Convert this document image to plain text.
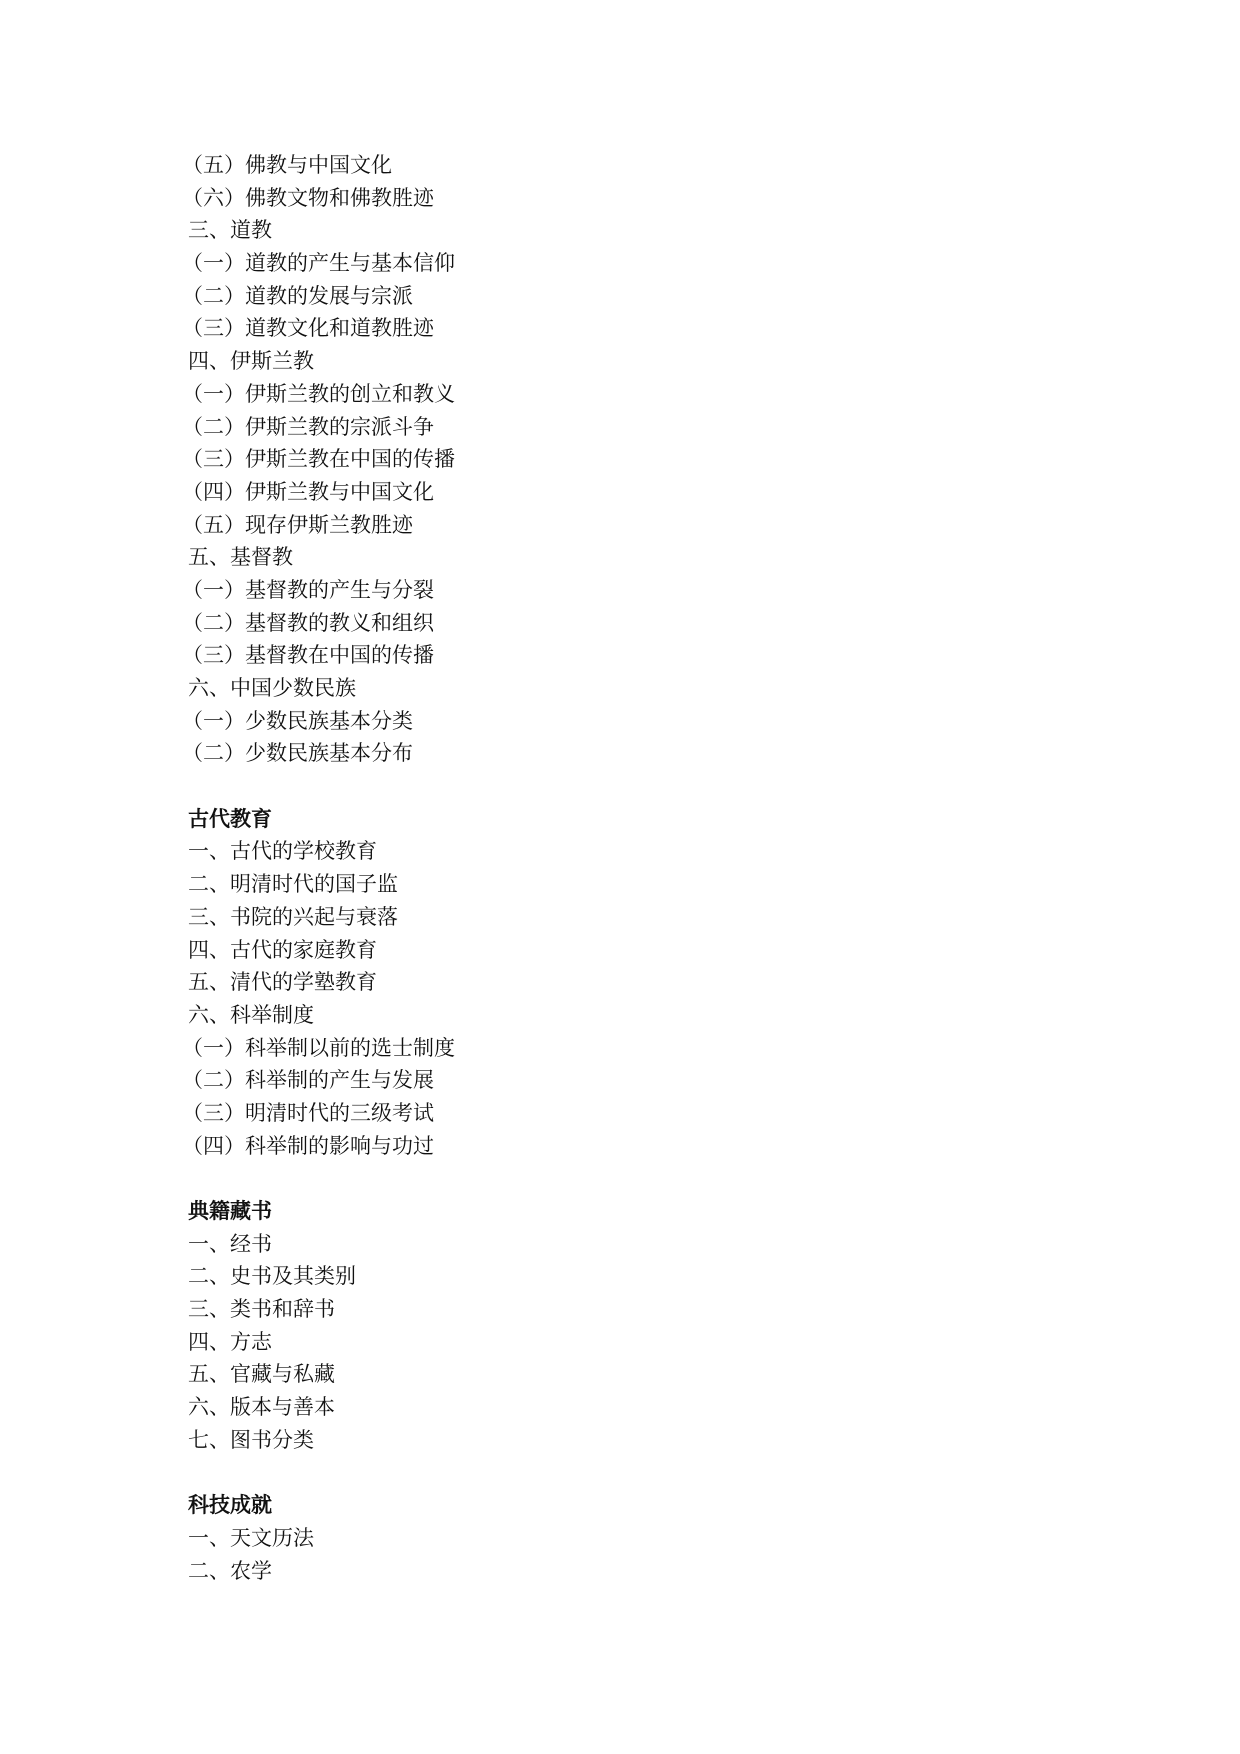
（五）佛教与中国文化
（六）佛教文物和佛教胜迹
三、道教
（一）道教的产生与基本信仰
（二）道教的发展与宗派
（三）道教文化和道教胜迹
四、伊斯兰教
（一）伊斯兰教的创立和教义
（二）伊斯兰教的宗派斗争
（三）伊斯兰教在中国的传播
（四）伊斯兰教与中国文化
（五）现存伊斯兰教胜迹
五、基督教
（一）基督教的产生与分裂
（二）基督教的教义和组织
（三）基督教在中国的传播
六、中国少数民族
（一）少数民族基本分类
（二）少数民族基本分布
古代教育
一、古代的学校教育
二、明清时代的国子监
三、书院的兴起与衰落
四、古代的家庭教育
五、清代的学塾教育
六、科举制度
（一）科举制以前的选士制度
（二）科举制的产生与发展
（三）明清时代的三级考试
（四）科举制的影响与功过
典籍藏书
一、经书
二、史书及其类别
三、类书和辞书
四、方志
五、官藏与私藏
六、版本与善本
七、图书分类
科技成就
一、天文历法
二、农学
